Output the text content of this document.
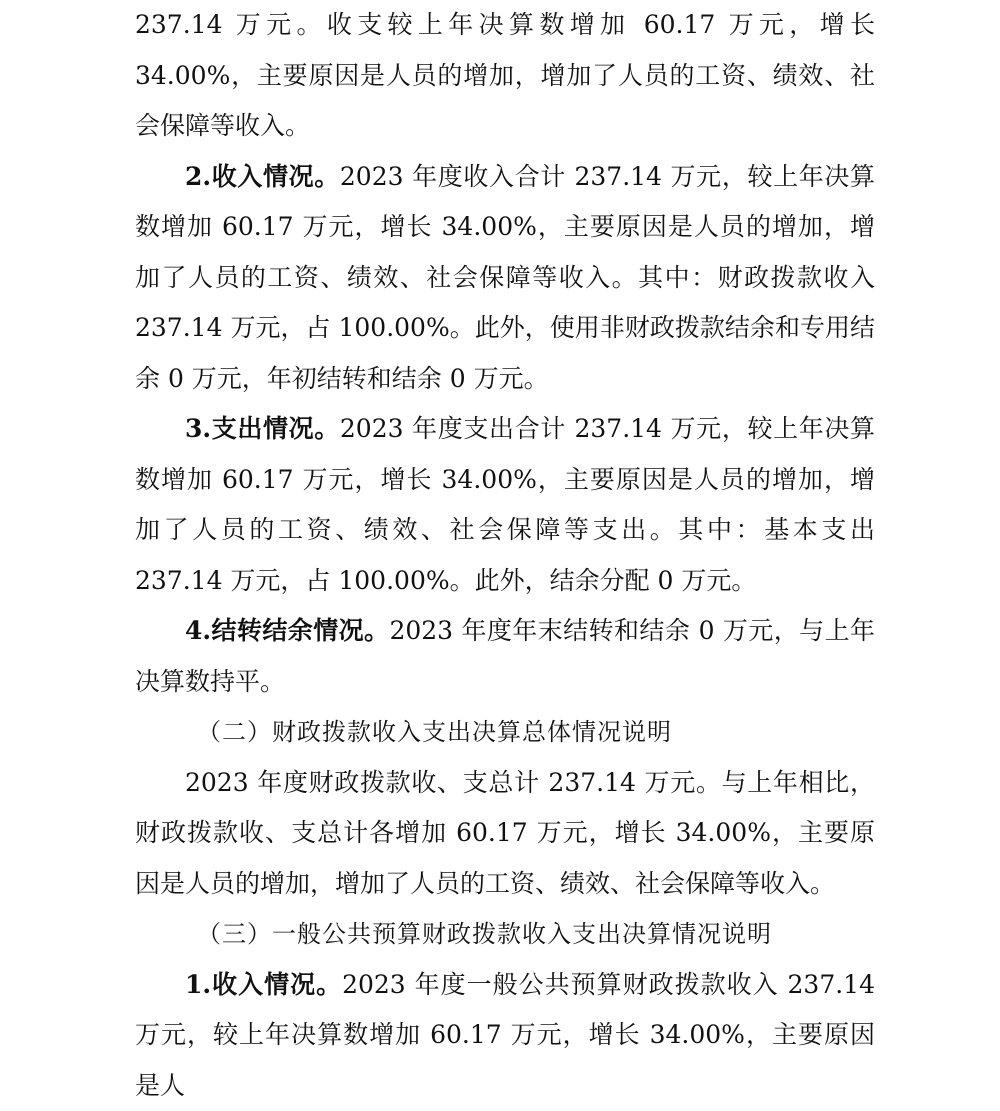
237.14 万元。收支较上年决算数增加 60.17 万元，增长 34.00%，主要原因是人员的增加，增加了人员的工资、绩效、社会保障等收入。

2.收入情况。2023 年度收入合计 237.14 万元，较上年决算数增加 60.17 万元，增长 34.00%，主要原因是人员的增加，增加了人员的工资、绩效、社会保障等收入。其中：财政拨款收入 237.14 万元，占 100.00%。此外，使用非财政拨款结余和专用结余 0 万元，年初结转和结余 0 万元。

3.支出情况。2023 年度支出合计 237.14 万元，较上年决算数增加 60.17 万元，增长 34.00%，主要原因是人员的增加，增加了人员的工资、绩效、社会保障等支出。其中：基本支出 237.14 万元，占 100.00%。此外，结余分配 0 万元。

4.结转结余情况。2023 年度年末结转和结余 0 万元，与上年决算数持平。

（二）财政拨款收入支出决算总体情况说明

2023 年度财政拨款收、支总计 237.14 万元。与上年相比，财政拨款收、支总计各增加 60.17 万元，增长 34.00%，主要原因是人员的增加，增加了人员的工资、绩效、社会保障等收入。

（三）一般公共预算财政拨款收入支出决算情况说明

1.收入情况。2023 年度一般公共预算财政拨款收入 237.14 万元，较上年决算数增加 60.17 万元，增长 34.00%，主要原因是人
